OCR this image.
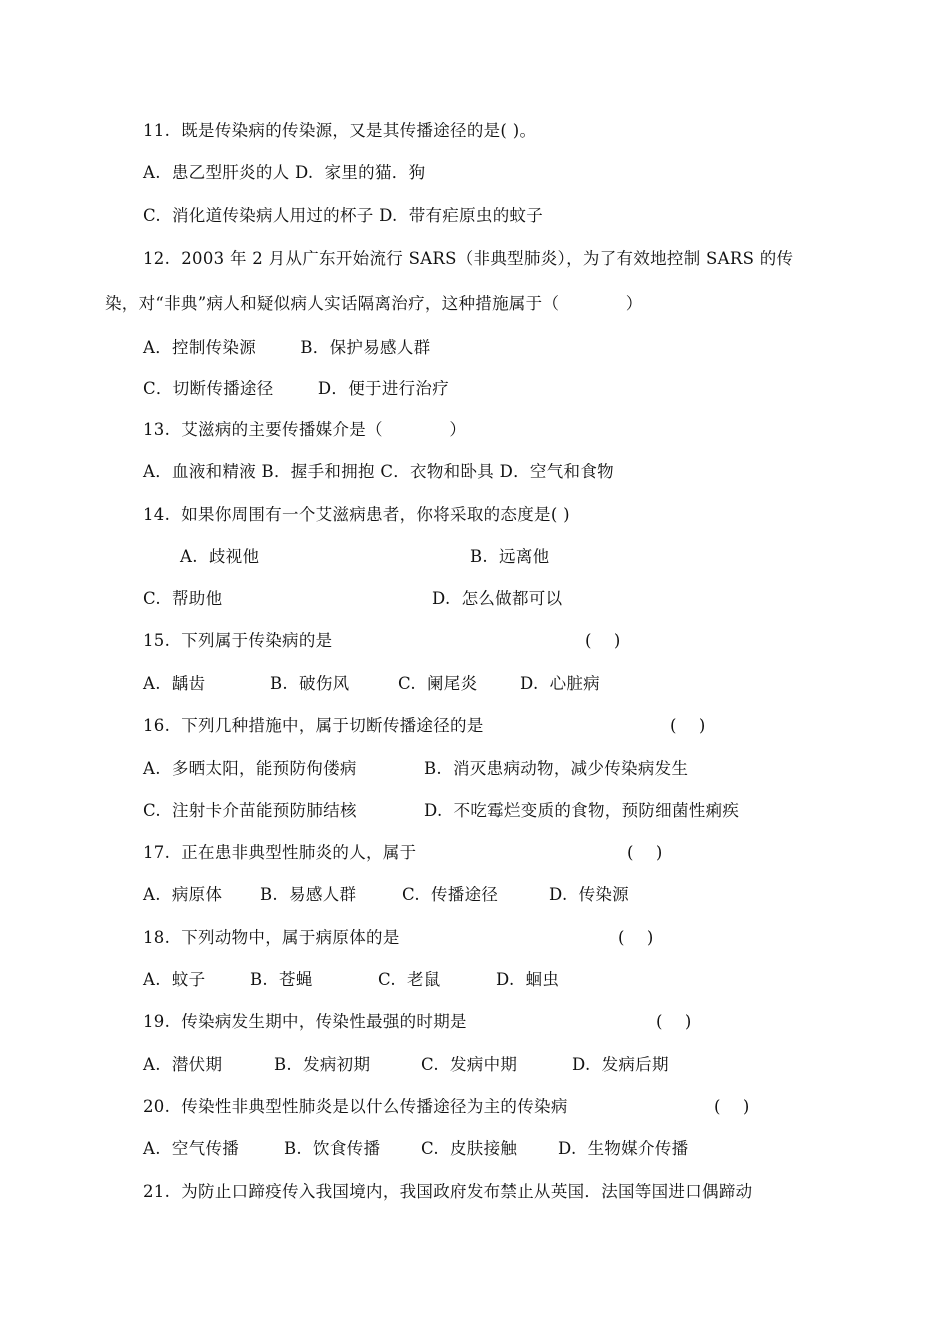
11.  既是传染病的传染源，又是其传播途径的是( )。
A.  患乙型肝炎的人 D.  家里的猫．狗
C.  消化道传染病人用过的杯子 D.  带有疟原虫的蚊子
12.  2003 年 2 月从广东开始流行 SARS（非典型肺炎），为了有效地控制 SARS 的传
染，对“非典”病人和疑似病人实话隔离治疗，这种措施属于（            ）
A．控制传染源        B．保护易感人群
C．切断传播途径        D．便于进行治疗
13.  艾滋病的主要传播媒介是（            ）
A．血液和精液 B．握手和拥抱 C．衣物和卧具 D．空气和食物
14.  如果你周围有一个艾滋病患者，你将采取的态度是( )

A.  歧视他

	B.  远离他

C.  帮助他

	D.  怎么做都可以

15.  下列属于传染病的是

	(    )

A.  龋齿

	B.  破伤风

	C.  阑尾炎

	D.  心脏病

16.  下列几种措施中，属于切断传播途径的是

	(    )

A.  多晒太阳，能预防佝偻病

	B.  消灭患病动物，减少传染病发生

C.  注射卡介苗能预防肺结核

	D.  不吃霉烂变质的食物，预防细菌性痢疾

17.  正在患非典型性肺炎的人，属于

	(    )

A.  病原体

B.  易感人群

	C.  传播途径

	D.  传染源

18.  下列动物中，属于病原体的是

	(    )

A.  蚊子

	B.  苍蝇

	C.  老鼠

	D.  蛔虫

19.  传染病发生期中，传染性最强的时期是

	(    )

A.  潜伏期

	B.  发病初期

	C.  发病中期

	D.  发病后期

20.  传染性非典型性肺炎是以什么传播途径为主的传染病

	(    )

A.  空气传播

	B.  饮食传播

C.  皮肤接触

D.  生物媒介传播

21.  为防止口蹄疫传入我国境内，我国政府发布禁止从英国．法国等国进口偶蹄动
